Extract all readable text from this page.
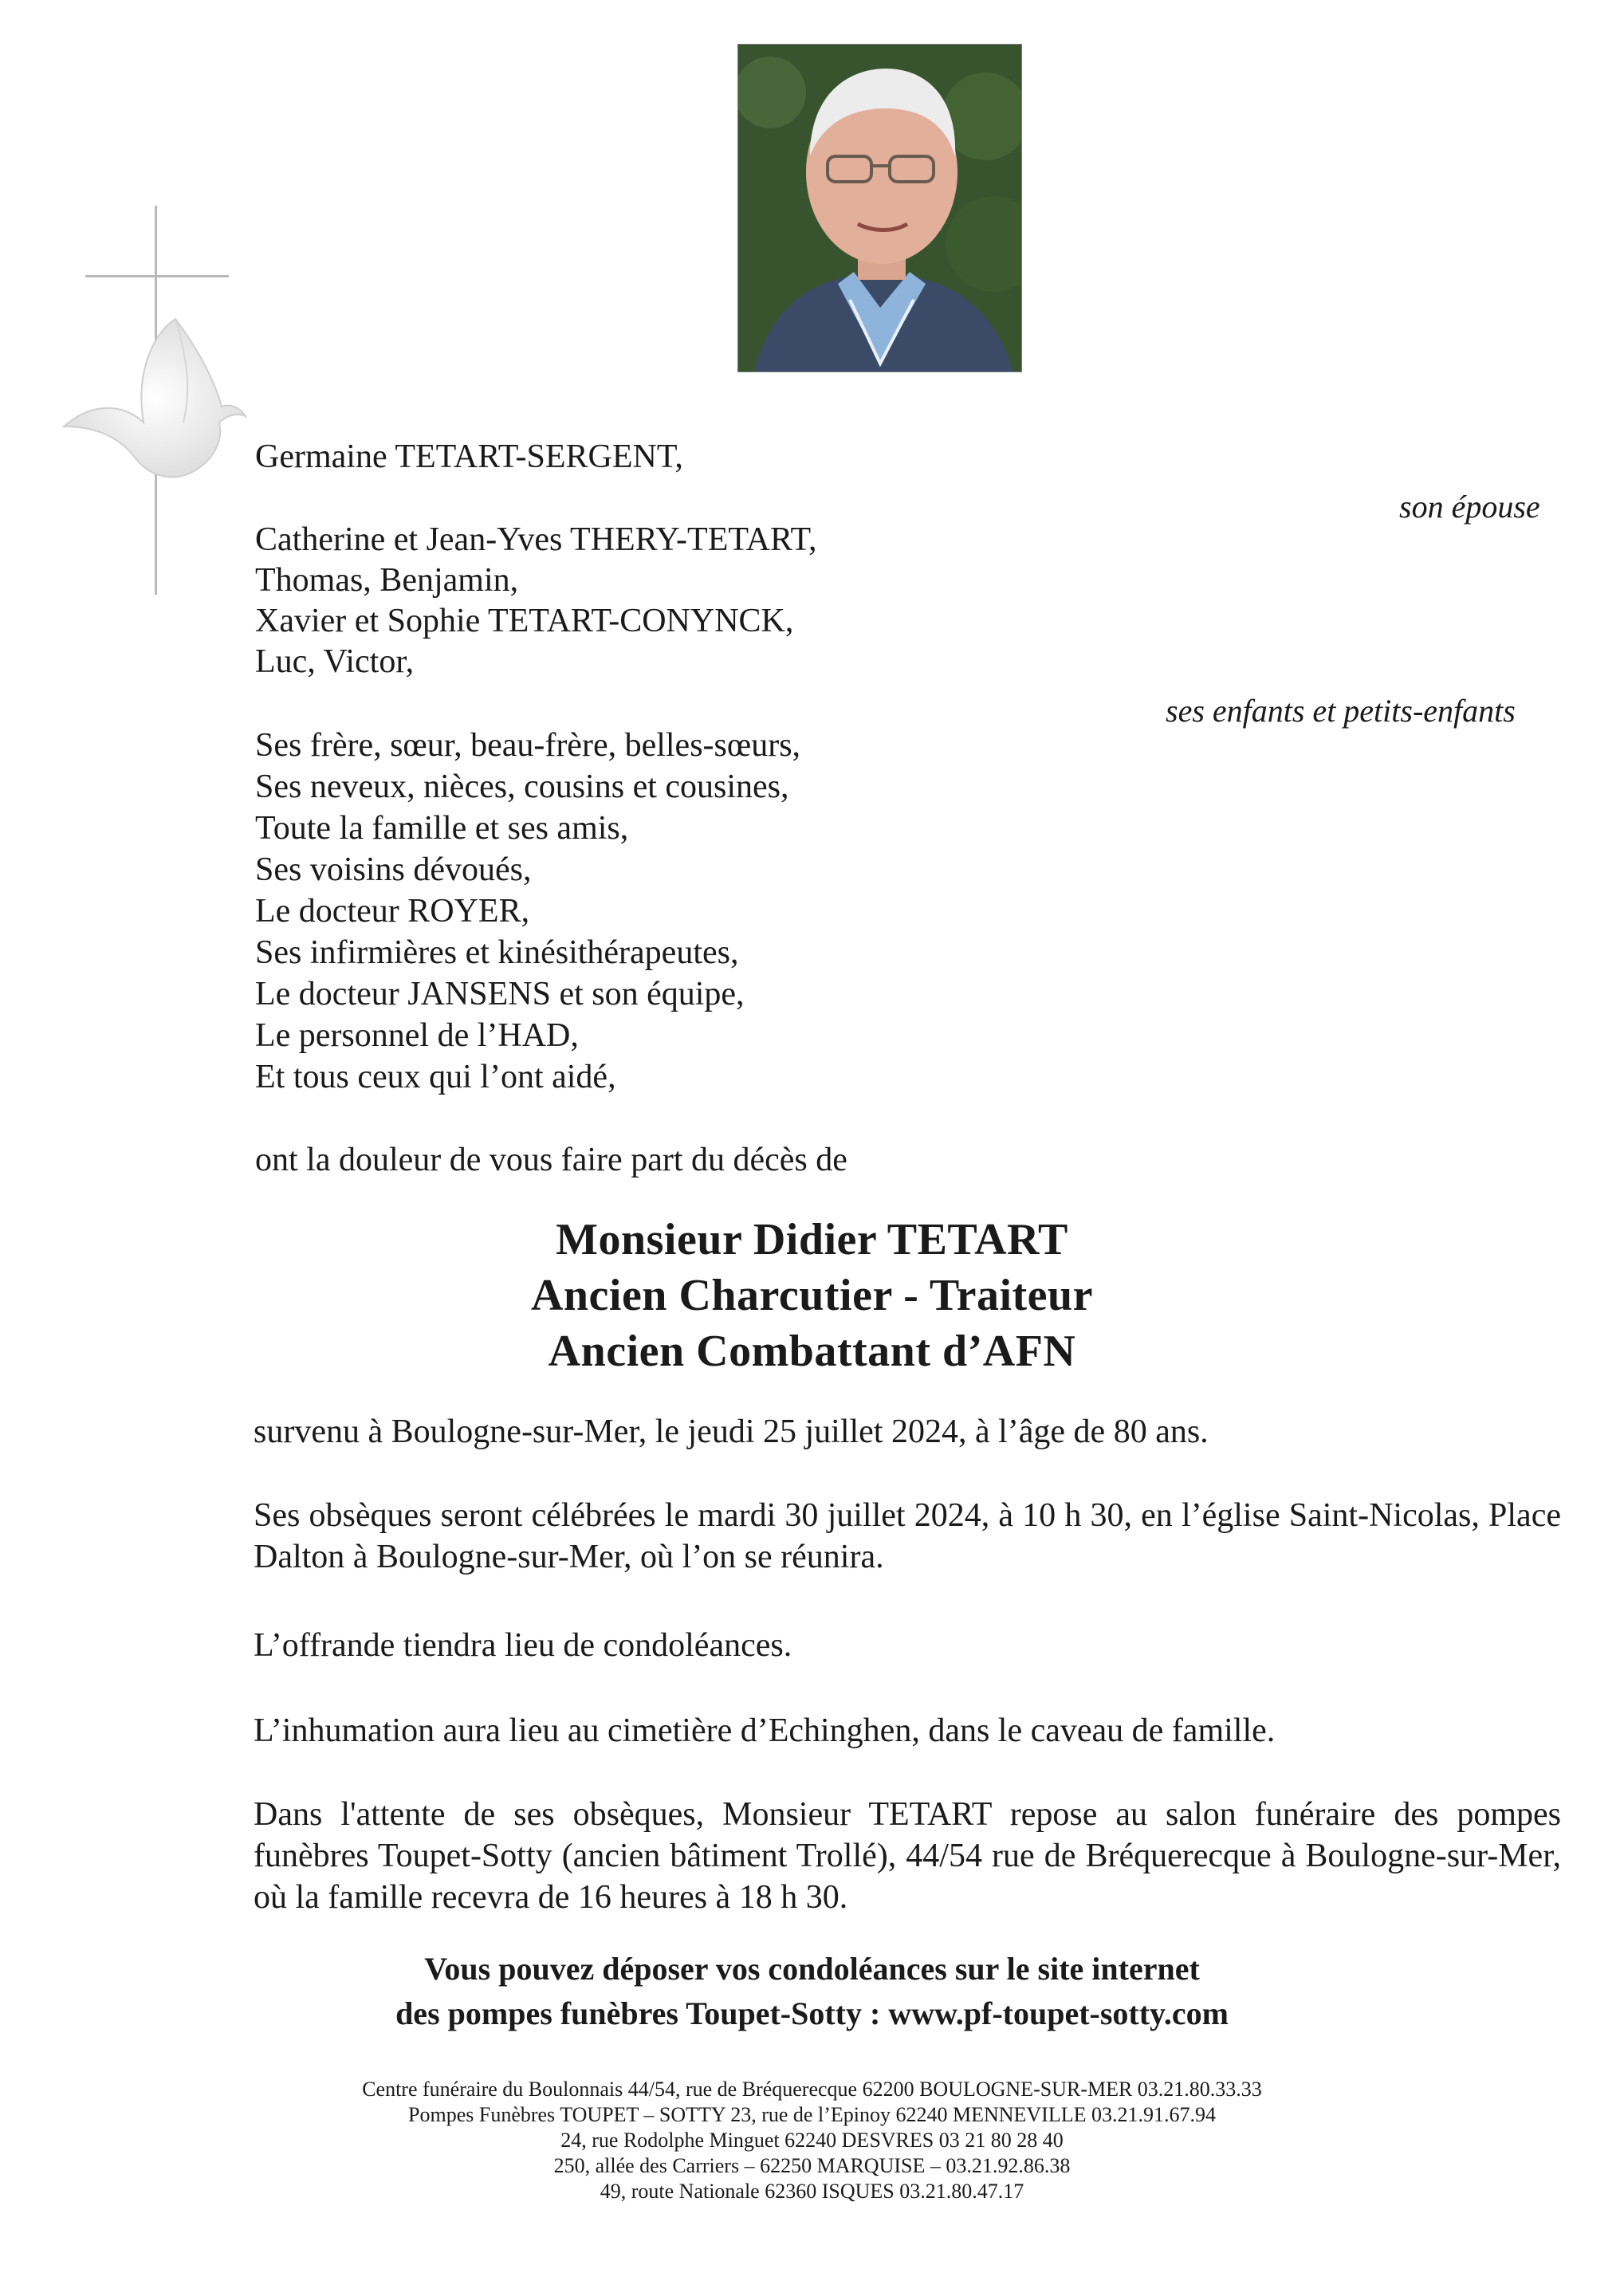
Germaine TETART-SERGENT,
son épouse
Catherine et Jean-Yves THERY-TETART,
Thomas, Benjamin,
Xavier et Sophie TETART-CONYNCK,
Luc, Victor,
ses enfants et petits-enfants
Ses frère, sœur, beau-frère, belles-sœurs,
Ses neveux, nièces, cousins et cousines,
Toute la famille et ses amis,
Ses voisins dévoués,
Le docteur ROYER,
Ses infirmières et kinésithérapeutes,
Le docteur JANSENS et son équipe,
Le personnel de l’HAD,
Et tous ceux qui l’ont aidé,
ont la douleur de vous faire part du décès de
Monsieur Didier TETART
Ancien Charcutier - Traiteur
Ancien Combattant d’AFN

survenu à Boulogne-sur-Mer, le jeudi 25 juillet 2024, à l’âge de 80 ans.

Ses obsèques seront célébrées le mardi 30 juillet 2024, à 10 h 30, en l’église Saint-Nicolas, Place Dalton à Boulogne-sur-Mer, où l’on se réunira.

L’offrande tiendra lieu de condoléances.

L’inhumation aura lieu au cimetière d’Echinghen, dans le caveau de famille.

Dans l'attente de ses obsèques, Monsieur TETART repose au salon funéraire des pompes funèbres Toupet-Sotty (ancien bâtiment Trollé), 44/54 rue de Bréquerecque à Boulogne-sur-Mer, où la famille recevra de 16 heures à 18 h 30.

Vous pouvez déposer vos condoléances sur le site internet
des pompes funèbres Toupet-Sotty : www.pf-toupet-sotty.com
Centre funéraire du Boulonnais 44/54, rue de Bréquerecque 62200 BOULOGNE-SUR-MER 03.21.80.33.33
Pompes Funèbres TOUPET – SOTTY 23, rue de l’Epinoy 62240 MENNEVILLE 03.21.91.67.94
24, rue Rodolphe Minguet 62240 DESVRES 03 21 80 28 40
250, allée des Carriers – 62250 MARQUISE – 03.21.92.86.38
49, route Nationale 62360 ISQUES 03.21.80.47.17
